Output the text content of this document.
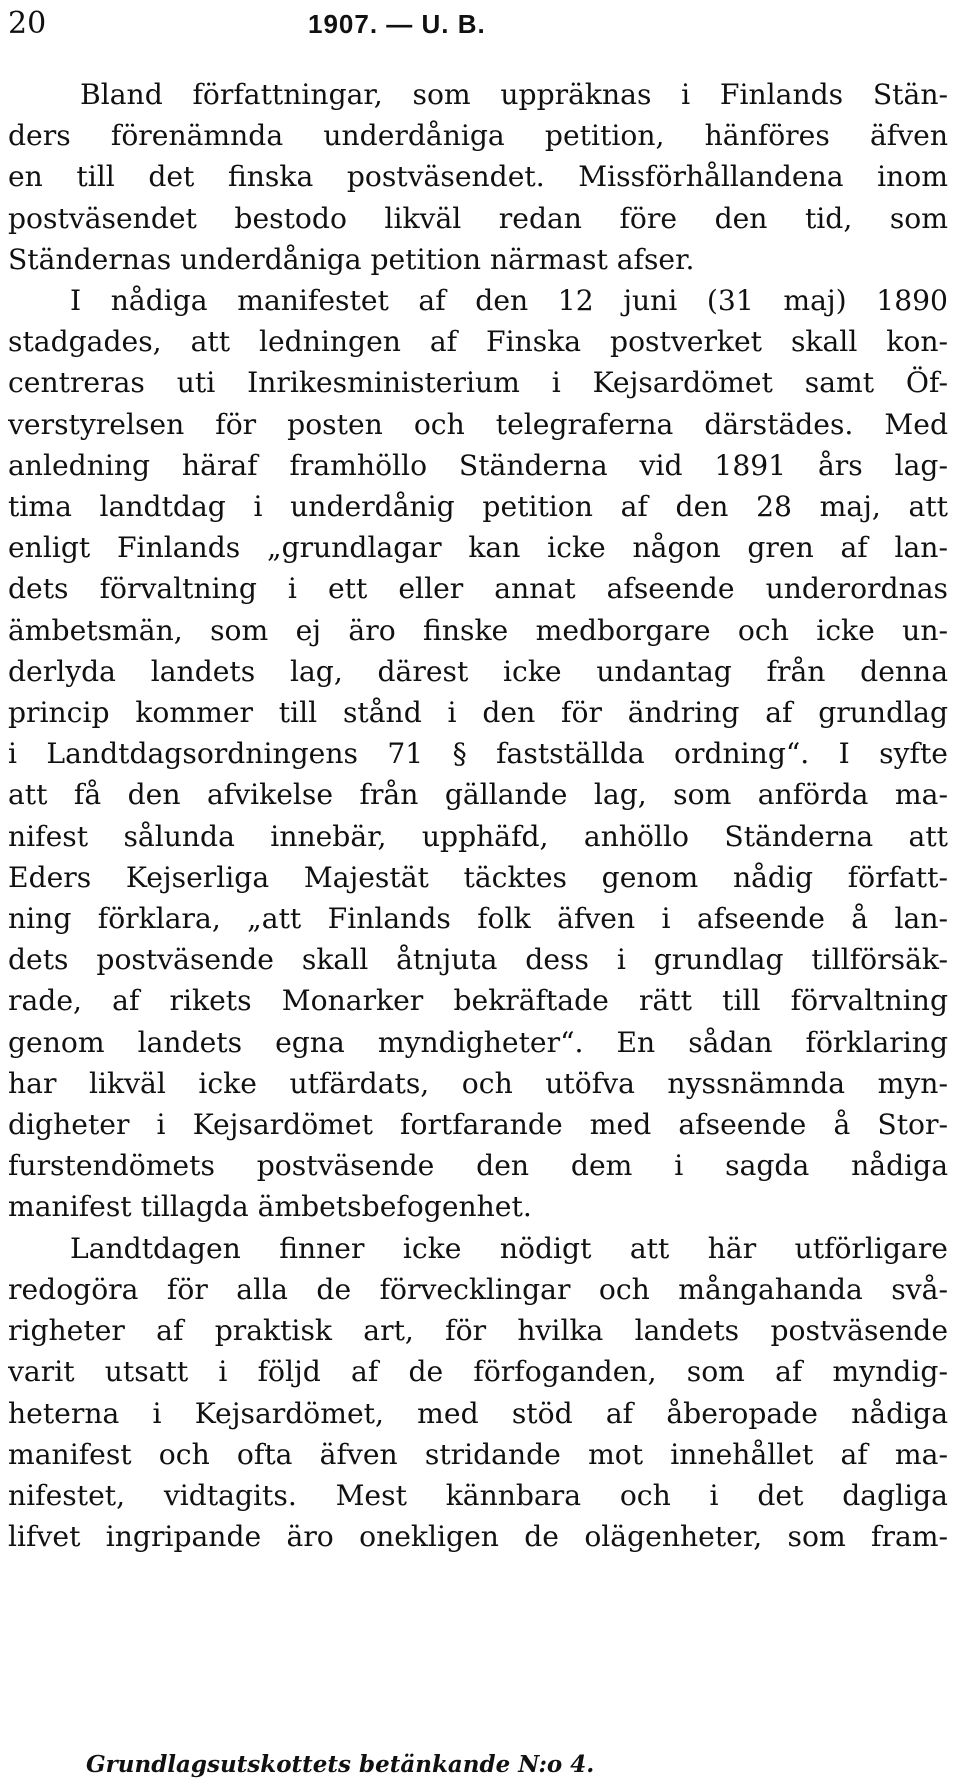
20	1907. — U. B.
Bland författningar, som uppräknas i Finlands Stän-
ders förenämnda underdåniga petition, hänföres äfven
en till det finska postväsendet. Missförhållandena inom
postväsendet bestodo likväl redan före den tid, som
Ständernas underdåniga petition närmast afser.
I nådiga manifestet af den 12 juni (31 maj) 1890
stadgades, att ledningen af Finska postverket skall kon-
centreras uti Inrikesministerium i Kejsardömet samt Öf-
verstyrelsen för posten och telegraferna därstädes. Med
anledning häraf framhöllo Ständerna vid 1891 års lag-
tima landtdag i underdånig petition af den 28 maj, att
enligt Finlands „grundlagar kan icke någon gren af lan-
dets förvaltning i ett eller annat afseende underordnas
ämbetsmän, som ej äro finske medborgare och icke un-
derlyda landets lag, därest icke undantag från denna
princip kommer till stånd i den för ändring af grundlag
i Landtdagsordningens 71 § fastställda ordning“. I syfte
att få den afvikelse från gällande lag, som anförda ma-
nifest sålunda innebär, upphäfd, anhöllo Ständerna att
Eders Kejserliga Majestät täcktes genom nådig författ-
ning förklara, „att Finlands folk äfven i afseende å lan-
dets postväsende skall åtnjuta dess i grundlag tillförsäk-
rade, af rikets Monarker bekräftade rätt till förvaltning
genom landets egna myndigheter“. En sådan förklaring
har likväl icke utfärdats, och utöfva nyssnämnda myn-
digheter i Kejsardömet fortfarande med afseende å Stor-
furstendömets postväsende den dem i sagda nådiga
manifest tillagda ämbetsbefogenhet.
Landtdagen finner icke nödigt att här utförligare
redogöra för alla de förvecklingar och mångahanda svå-
righeter af praktisk art, för hvilka landets postväsende
varit utsatt i följd af de förfoganden, som af myndig-
heterna i Kejsardömet, med stöd af åberopade nådiga
manifest och ofta äfven stridande mot innehållet af ma-
nifestet, vidtagits. Mest kännbara och i det dagliga
lifvet ingripande äro onekligen de olägenheter, som fram-
Grundlagsutskottets betänkande N:o 4.
